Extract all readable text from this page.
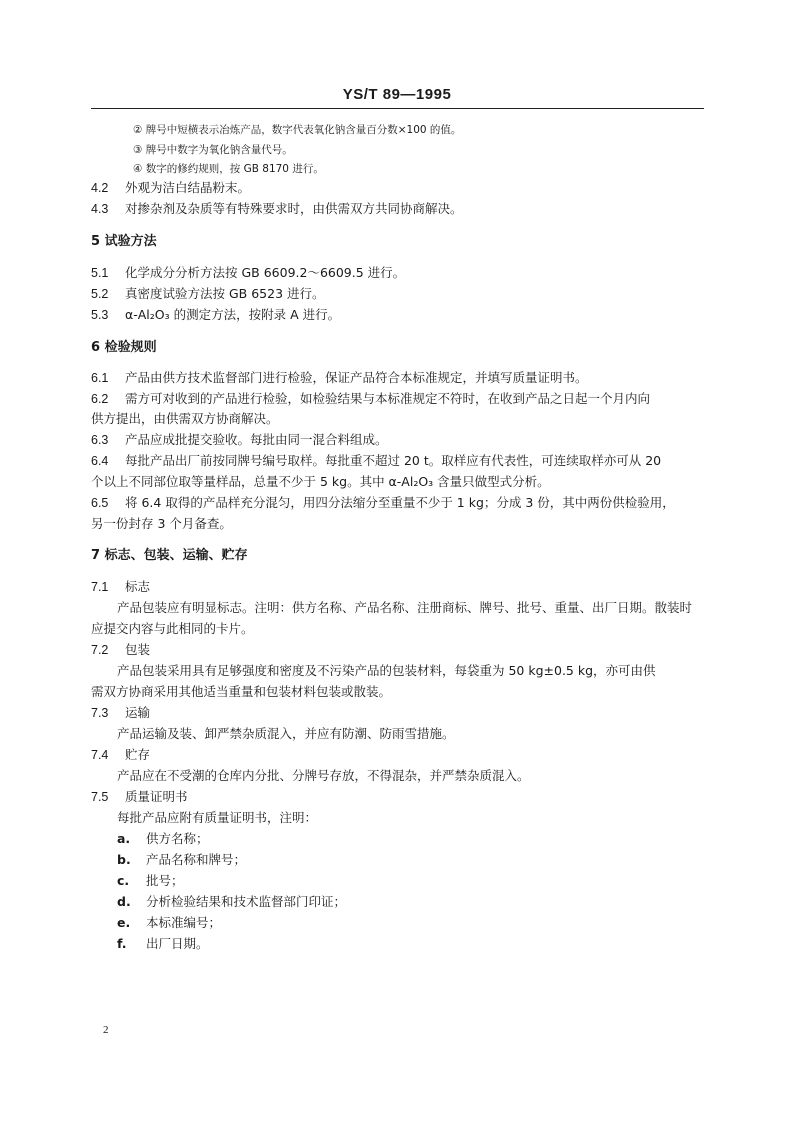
YS/T 89—1995
② 牌号中短横表示冶炼产品，数字代表氧化钠含量百分数×100 的值。
③ 牌号中数字为氧化钠含量代号。
④ 数字的修约规则，按 GB 8170 进行。
4.2 外观为洁白结晶粉末。
4.3 对掺杂剂及杂质等有特殊要求时，由供需双方共同协商解决。
5 试验方法
5.1 化学成分分析方法按 GB 6609.2～6609.5 进行。
5.2 真密度试验方法按 GB 6523 进行。
5.3 α-Al₂O₃ 的测定方法，按附录 A 进行。
6 检验规则
6.1 产品由供方技术监督部门进行检验，保证产品符合本标准规定，并填写质量证明书。
6.2 需方可对收到的产品进行检验，如检验结果与本标准规定不符时，在收到产品之日起一个月内向
供方提出，由供需双方协商解决。
6.3 产品应成批提交验收。每批由同一混合料组成。
6.4 每批产品出厂前按同牌号编号取样。每批重不超过 20 t。取样应有代表性，可连续取样亦可从 20
个以上不同部位取等量样品，总量不少于 5 kg。其中 α-Al₂O₃ 含量只做型式分析。
6.5 将 6.4 取得的产品样充分混匀，用四分法缩分至重量不少于 1 kg；分成 3 份，其中两份供检验用，
另一份封存 3 个月备查。
7 标志、包装、运输、贮存
7.1 标志
产品包装应有明显标志。注明：供方名称、产品名称、注册商标、牌号、批号、重量、出厂日期。散装时
应提交内容与此相同的卡片。
7.2 包装
产品包装采用具有足够强度和密度及不污染产品的包装材料，每袋重为 50 kg±0.5 kg，亦可由供
需双方协商采用其他适当重量和包装材料包装或散装。
7.3 运输
产品运输及装、卸严禁杂质混入，并应有防潮、防雨雪措施。
7.4 贮存
产品应在不受潮的仓库内分批、分牌号存放，不得混杂，并严禁杂质混入。
7.5 质量证明书
每批产品应附有质量证明书，注明：
a. 供方名称；
b. 产品名称和牌号；
c. 批号；
d. 分析检验结果和技术监督部门印证；
e. 本标准编号；
f. 出厂日期。
2
